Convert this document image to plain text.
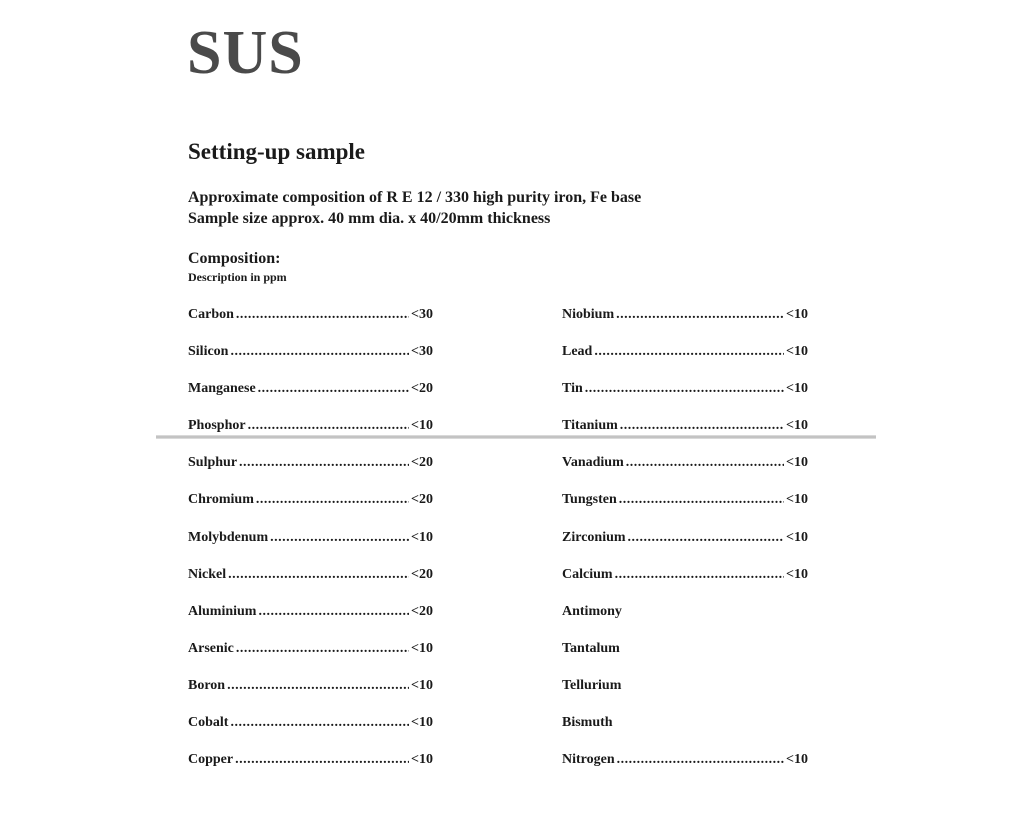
SUS
Setting-up sample
Approximate composition of R E 12 / 330 high purity iron, Fe base
Sample size approx. 40 mm dia. x 40/20mm thickness
Composition:
Description in ppm
Carbon .....	<30
Silicon .....	<30
Manganese .....	<20
Phosphor .....	<10
Sulphur .....	<20
Chromium .....	<20
Molybdenum .....	<10
Nickel .....	<20
Aluminium .....	<20
Arsenic .....	<10
Boron .....	<10
Cobalt .....	<10
Copper .....	<10
Niobium .....	<10
Lead .....	<10
Tin .....	<10
Titanium .....	<10
Vanadium .....	<10
Tungsten .....	<10
Zirconium .....	<10
Calcium .....	<10
Antimony
Tantalum
Tellurium
Bismuth
Nitrogen .....	<10
